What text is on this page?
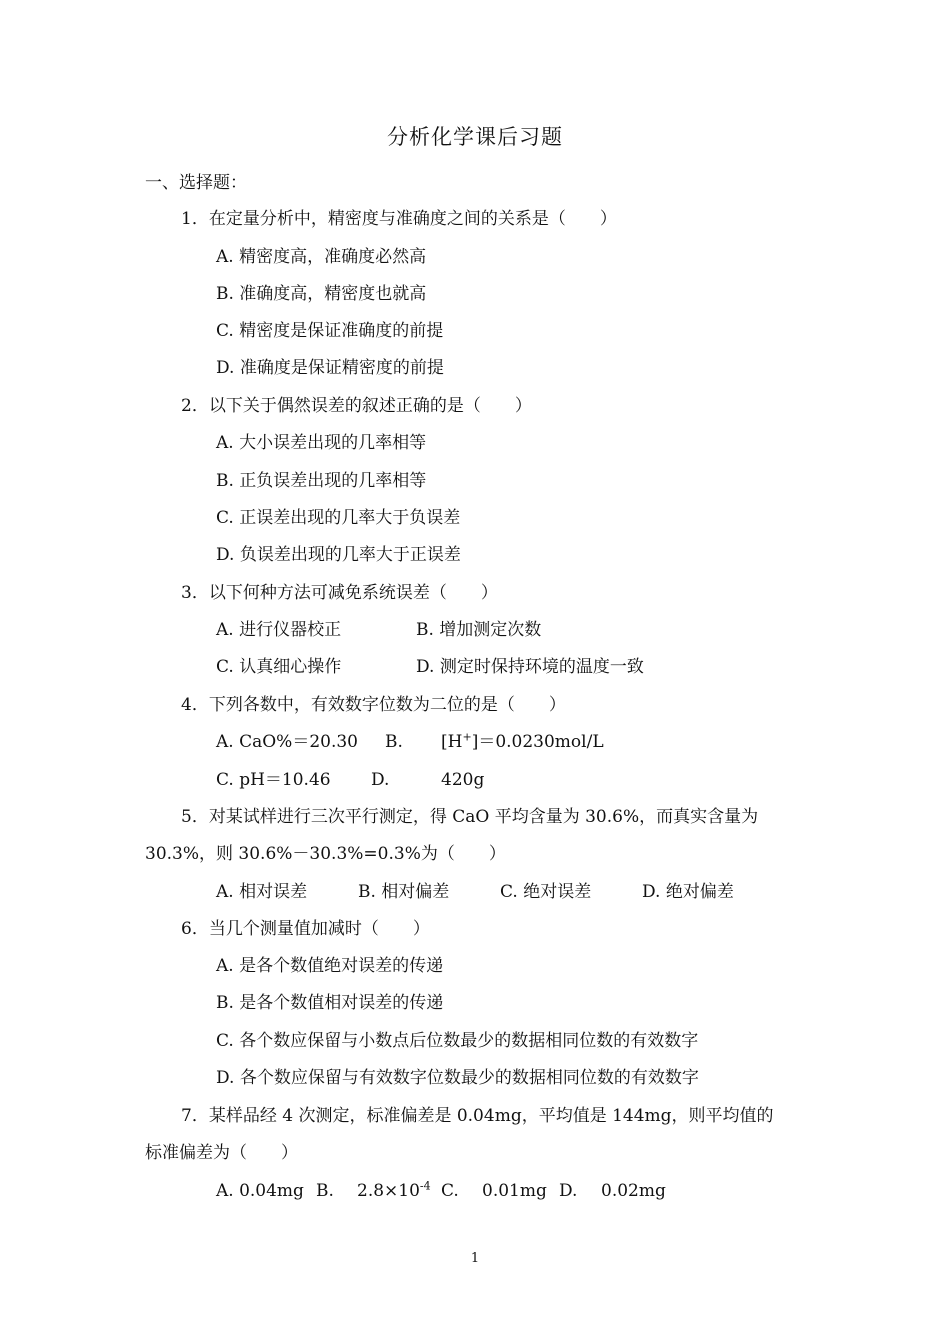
分析化学课后习题
一、选择题：
1．在定量分析中，精密度与准确度之间的关系是（　　）
A. 精密度高，准确度必然高
B. 准确度高，精密度也就高
C. 精密度是保证准确度的前提
D. 准确度是保证精密度的前提
2．以下关于偶然误差的叙述正确的是（　　）
A. 大小误差出现的几率相等
B. 正负误差出现的几率相等
C. 正误差出现的几率大于负误差
D. 负误差出现的几率大于正误差
3．以下何种方法可减免系统误差（　　）
A. 进行仪器校正	B. 增加测定次数
C. 认真细心操作	D. 测定时保持环境的温度一致
4．下列各数中，有效数字位数为二位的是（　　）
A. CaO%＝20.30 B. [H+]＝0.0230mol/L
C. pH＝10.46 D.	420g
5．对某试样进行三次平行测定，得 CaO 平均含量为 30.6%，而真实含量为
30.3%，则 30.6%－30.3%=0.3%为（　　）
A. 相对误差	B. 相对偏差	C. 绝对误差	D. 绝对偏差
6．当几个测量值加减时（　　）
A. 是各个数值绝对误差的传递
B. 是各个数值相对误差的传递
C. 各个数应保留与小数点后位数最少的数据相同位数的有效数字
D. 各个数应保留与有效数字位数最少的数据相同位数的有效数字
7．某样品经 4 次测定，标准偏差是 0.04mg，平均值是 144mg，则平均值的
标准偏差为（　　）
A. 0.04mg B. $2.8\times 10^{-4}$ C. 0.01mg D. 0.02mg
1
